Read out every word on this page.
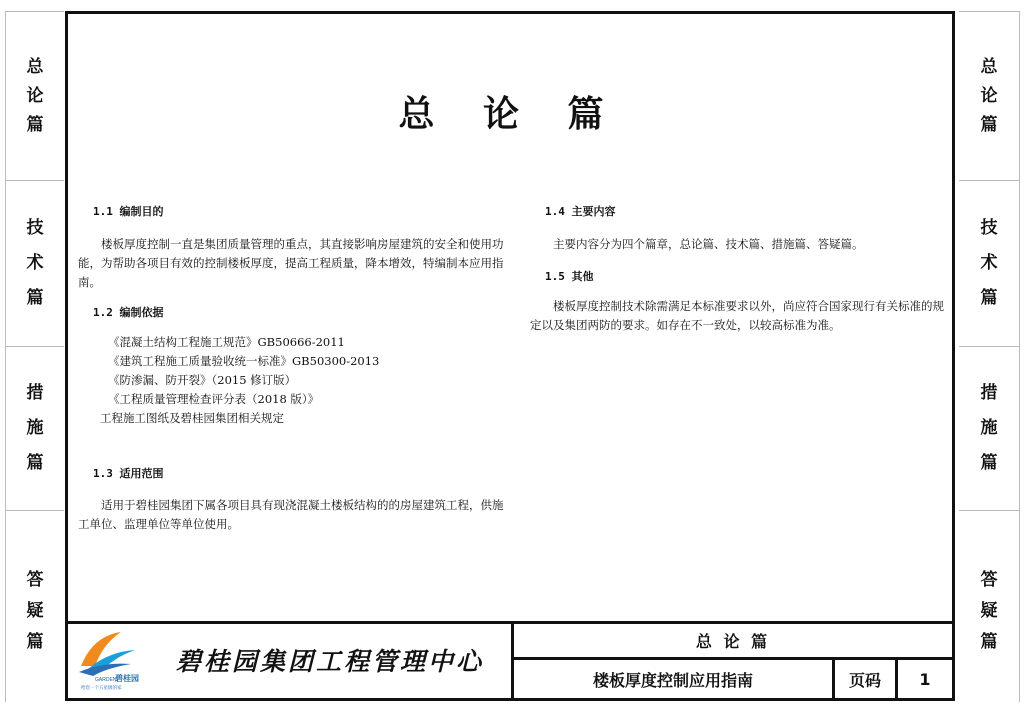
总
论
篇
技
术
篇
措
施
篇
答
疑
篇
总
论
篇
技
术
篇
措
施
篇
答
疑
篇
总 论 篇
1.1 编制目的

楼板厚度控制一直是集团质量管理的重点，其直接影响房屋建筑的安全和使用功能，为帮助各项目有效的控制楼板厚度，提高工程质量，降本增效，特编制本应用指南。

1.2 编制依据
《混凝土结构工程施工规范》GB50666-2011
《建筑工程施工质量验收统一标准》GB50300-2013
《防渗漏、防开裂》（2015 修订版）
《工程质量管理检查评分表（2018 版）》
工程施工图纸及碧桂园集团相关规定
1.3 适用范围

适用于碧桂园集团下属各项目具有现浇混凝土楼板结构的的房屋建筑工程，供施工单位、监理单位等单位使用。

1.4 主要内容

主要内容分为四个篇章，总论篇、技术篇、措施篇、答疑篇。

1.5 其他

楼板厚度控制技术除需满足本标准要求以外，尚应符合国家现行有关标准的规定以及集团两防的要求。如存在不一致处，以较高标准为准。

GARDEN
碧桂园
给您一个五星级的家
碧桂园集团工程管理中心
总 论 篇
楼板厚度控制应用指南	页码	1
